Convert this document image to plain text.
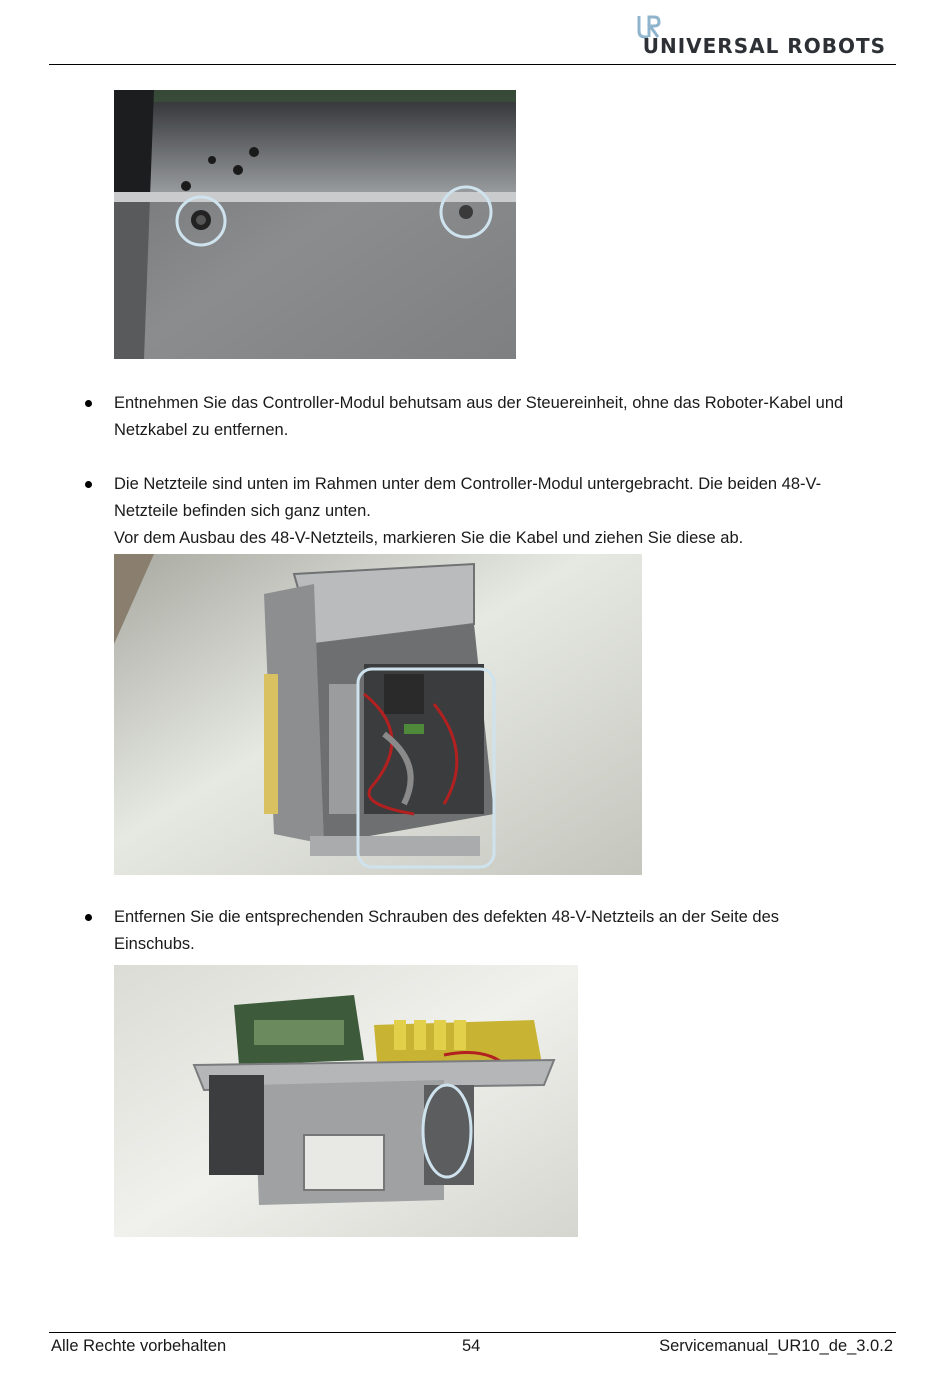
UNIVERSAL ROBOTS
Entnehmen Sie das Controller-Modul behutsam aus der Steuereinheit, ohne das Roboter-Kabel und
Netzkabel zu entfernen.
Die Netzteile sind unten im Rahmen unter dem Controller-Modul untergebracht. Die beiden 48-V-
Netzteile befinden sich ganz unten.
Vor dem Ausbau des 48-V-Netzteils, markieren Sie die Kabel und ziehen Sie diese ab.
Entfernen Sie die entsprechenden Schrauben des defekten 48-V-Netzteils an der Seite des
Einschubs.
Alle Rechte vorbehalten	54	Servicemanual_UR10_de_3.0.2
